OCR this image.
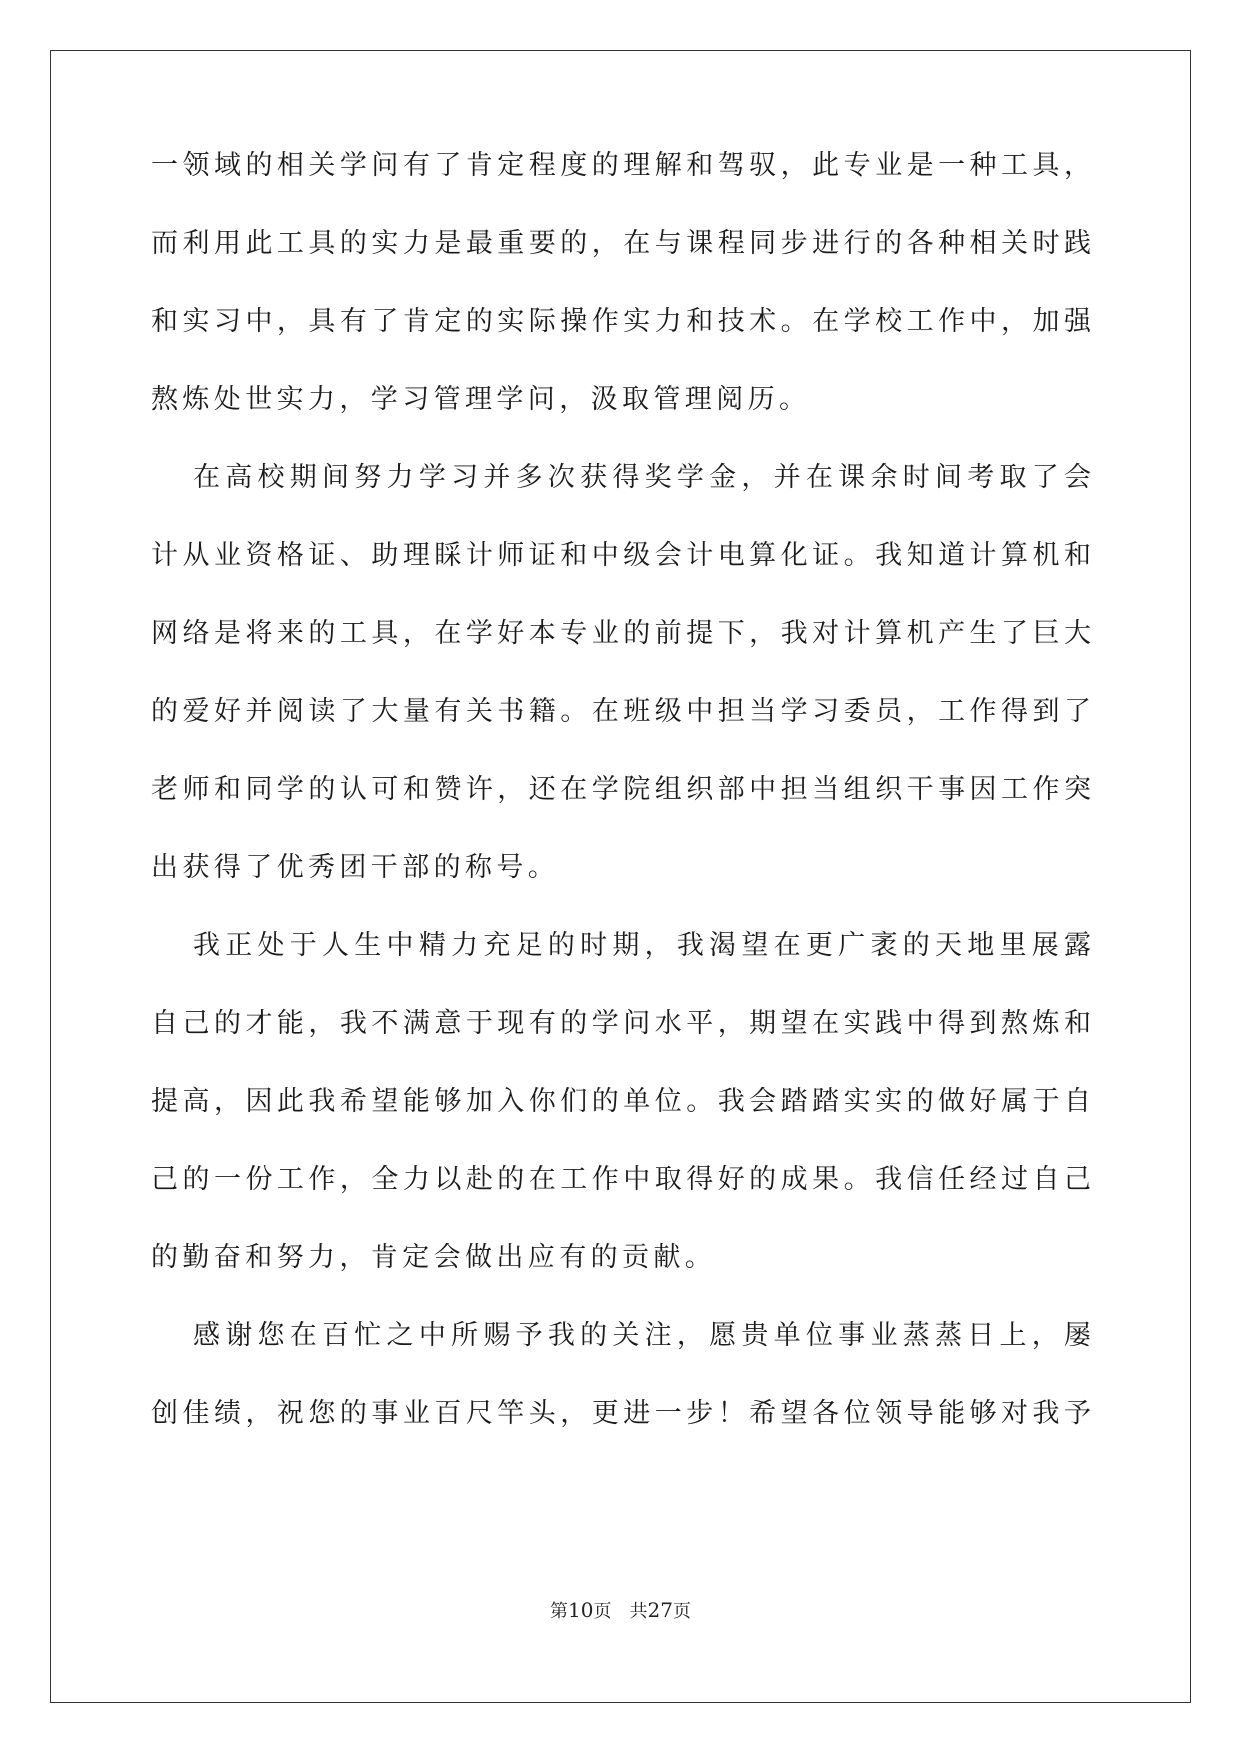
一领域的相关学问有了肯定程度的理解和驾驭，此专业是一种工具，
而利用此工具的实力是最重要的，在与课程同步进行的各种相关时践
和实习中，具有了肯定的实际操作实力和技术。在学校工作中，加强
熬炼处世实力，学习管理学问，汲取管理阅历。
在高校期间努力学习并多次获得奖学金，并在课余时间考取了会
计从业资格证、助理睬计师证和中级会计电算化证。我知道计算机和
网络是将来的工具，在学好本专业的前提下，我对计算机产生了巨大
的爱好并阅读了大量有关书籍。在班级中担当学习委员，工作得到了
老师和同学的认可和赞许，还在学院组织部中担当组织干事因工作突
出获得了优秀团干部的称号。
我正处于人生中精力充足的时期，我渴望在更广袤的天地里展露
自己的才能，我不满意于现有的学问水平，期望在实践中得到熬炼和
提高，因此我希望能够加入你们的单位。我会踏踏实实的做好属于自
己的一份工作，全力以赴的在工作中取得好的成果。我信任经过自己
的勤奋和努力，肯定会做出应有的贡献。
感谢您在百忙之中所赐予我的关注，愿贵单位事业蒸蒸日上，屡
创佳绩，祝您的事业百尺竿头，更进一步！希望各位领导能够对我予
第10页 共27页
